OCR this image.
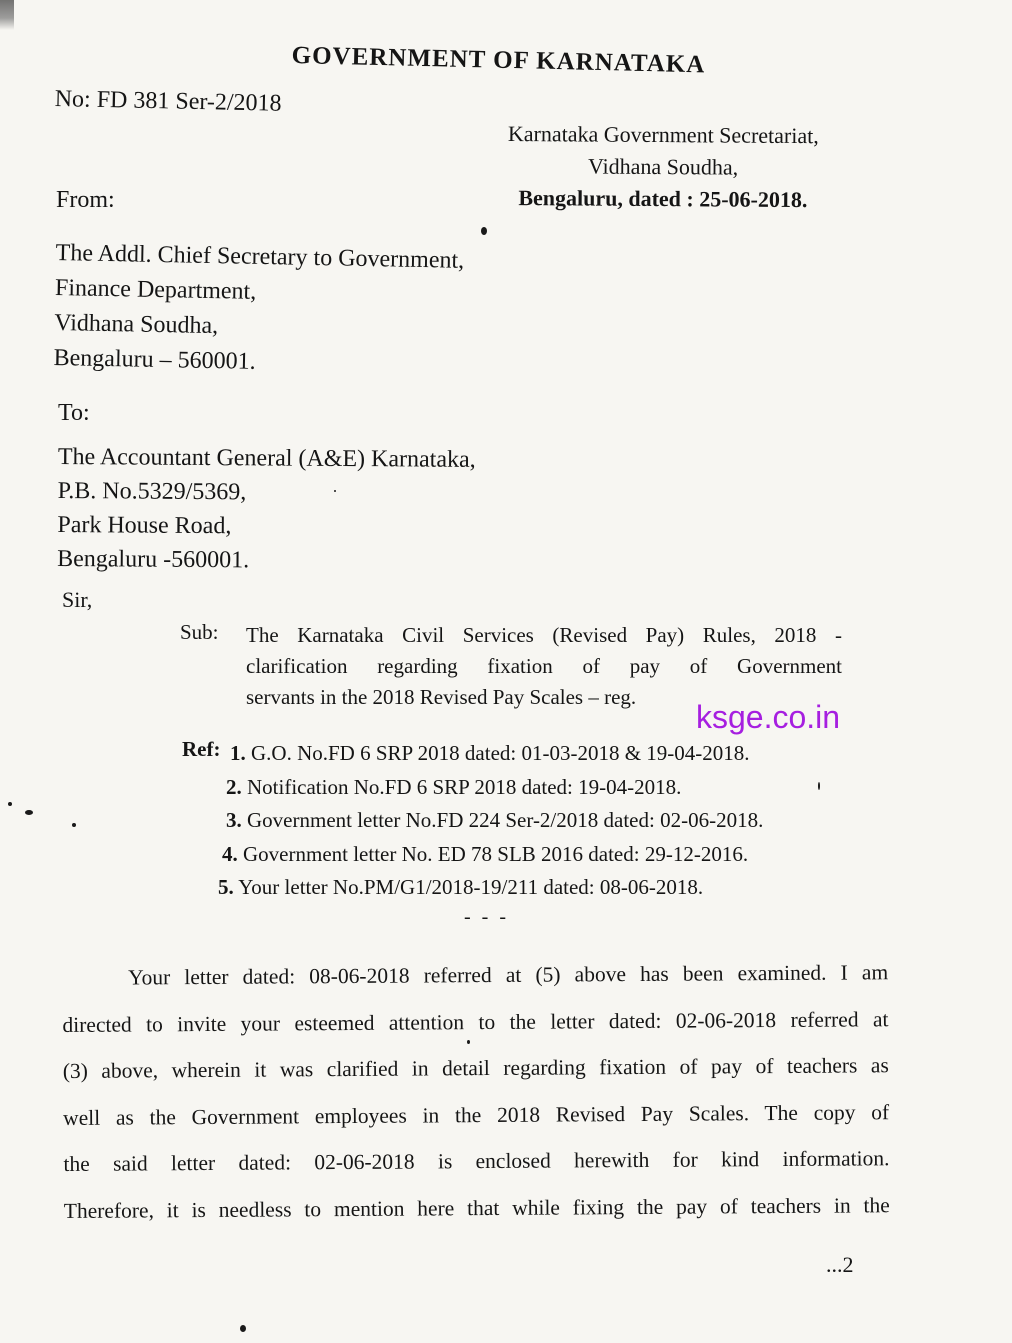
GOVERNMENT OF KARNATAKA
No: FD 381 Ser-2/2018
Karnataka Government Secretariat,
Vidhana Soudha,
Bengaluru, dated : 25-06-2018.
From:
The Addl. Chief Secretary to Government,
Finance Department,
Vidhana Soudha,
Bengaluru – 560001.
To:
The Accountant General (A&E) Karnataka,
P.B. No.5329/5369,
Park House Road,
Bengaluru -560001.
Sir,
Sub: The Karnataka Civil Services (Revised Pay) Rules, 2018 -
clarification regarding fixation of pay of Government
servants in the 2018 Revised Pay Scales – reg.
ksge.co.in
Ref: 1. G.O. No.FD 6 SRP 2018 dated: 01-03-2018 & 19-04-2018.
2. Notification No.FD 6 SRP 2018 dated: 19-04-2018.
3. Government letter No.FD 224 Ser-2/2018 dated: 02-06-2018.
4. Government letter No. ED 78 SLB 2016 dated: 29-12-2016.
5. Your letter No.PM/G1/2018-19/211 dated: 08-06-2018.
- - -
Your letter dated: 08-06-2018 referred at (5) above has been examined. I am
directed to invite your esteemed attention to the letter dated: 02-06-2018 referred at
(3) above, wherein it was clarified in detail regarding fixation of pay of teachers as
well as the Government employees in the 2018 Revised Pay Scales. The copy of
the said letter dated: 02-06-2018 is enclosed herewith for kind information.
Therefore, it is needless to mention here that while fixing the pay of teachers in the
...2
